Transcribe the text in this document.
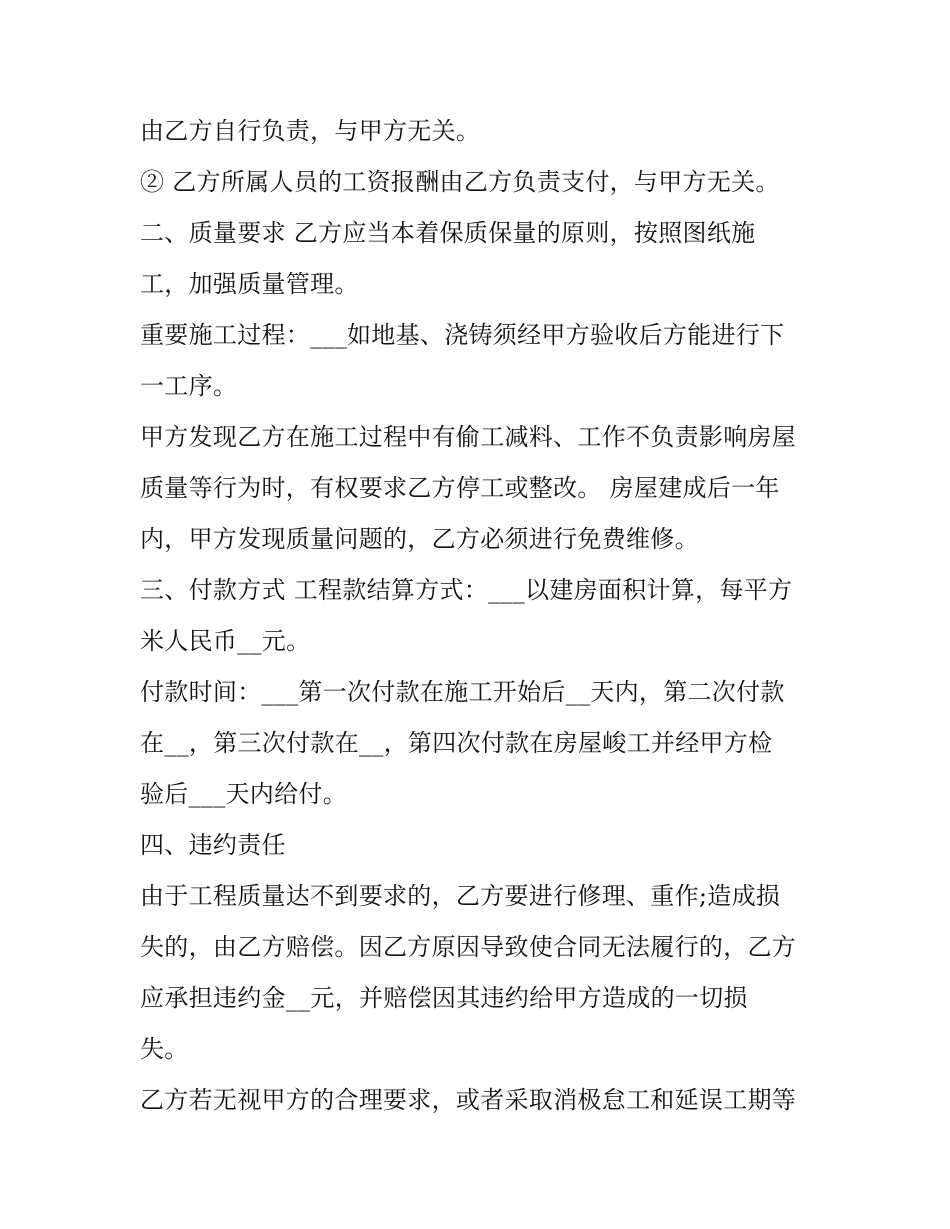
由乙方自行负责，与甲方无关。
② 乙方所属人员的工资报酬由乙方负责支付，与甲方无关。
二、质量要求 乙方应当本着保质保量的原则，按照图纸施
工，加强质量管理。
重要施工过程：___如地基、浇铸须经甲方验收后方能进行下
一工序。
甲方发现乙方在施工过程中有偷工减料、工作不负责影响房屋
质量等行为时，有权要求乙方停工或整改。 房屋建成后一年
内，甲方发现质量问题的，乙方必须进行免费维修。
三、付款方式 工程款结算方式：___以建房面积计算，每平方
米人民币__元。
付款时间：___第一次付款在施工开始后__天内，第二次付款
在__，第三次付款在__，第四次付款在房屋峻工并经甲方检
验后___天内给付。
四、违约责任
由于工程质量达不到要求的，乙方要进行修理、重作;造成损
失的，由乙方赔偿。因乙方原因导致使合同无法履行的，乙方
应承担违约金__元，并赔偿因其违约给甲方造成的一切损
失。
乙方若无视甲方的合理要求，或者采取消极怠工和延误工期等
